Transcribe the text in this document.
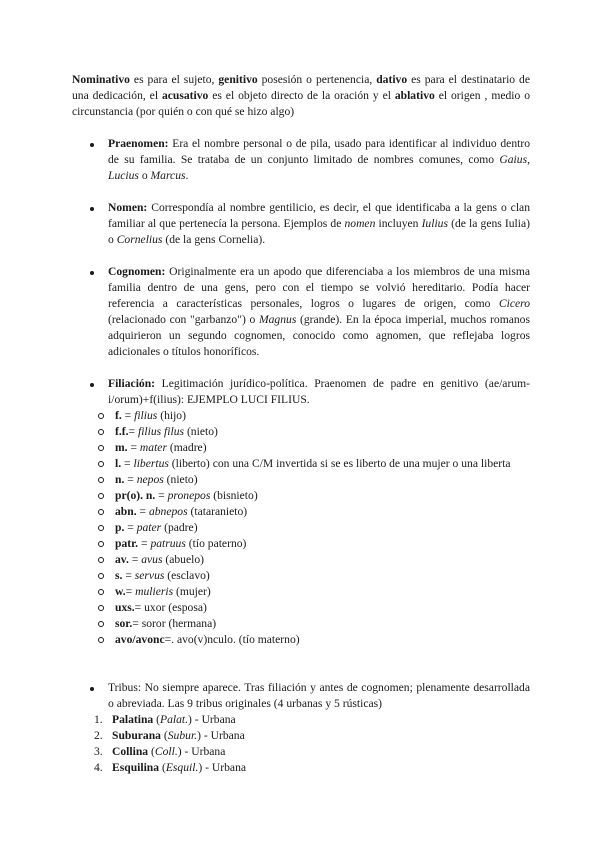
Nominativo es para el sujeto, genitivo posesión o pertenencia, dativo es para el destinatario de una dedicación, el acusativo es el objeto directo de la oración y el ablativo el origen , medio o circunstancia (por quién o con qué se hizo algo)

Praenomen: Era el nombre personal o de pila, usado para identificar al individuo dentro de su familia. Se trataba de un conjunto limitado de nombres comunes, como Gaius, Lucius o Marcus.
Nomen: Correspondía al nombre gentilicio, es decir, el que identificaba a la gens o clan familiar al que pertenecía la persona. Ejemplos de nomen incluyen Iulius (de la gens Iulia) o Cornelius (de la gens Cornelia).
Cognomen: Originalmente era un apodo que diferenciaba a los miembros de una misma familia dentro de una gens, pero con el tiempo se volvió hereditario. Podía hacer referencia a características personales, logros o lugares de origen, como Cicero (relacionado con "garbanzo") o Magnus (grande). En la época imperial, muchos romanos adquirieron un segundo cognomen, conocido como agnomen, que reflejaba logros adicionales o títulos honoríficos.
Filiación: Legitimación jurídico-política. Praenomen de padre en genitivo (ae/arum-i/orum)+f(ilius): EJEMPLO LUCI FILIUS.
f. = filius (hijo)
f.f.= filius filus (nieto)
m. = mater (madre)
l. = libertus (liberto) con una C/M invertida si se es liberto de una mujer o una liberta
n. = nepos (nieto)
pr(o). n. = pronepos (bisnieto)
abn. = abnepos (tataranieto)
p. = pater (padre)
patr. = patruus (tío paterno)
av. = avus (abuelo)
s. = servus (esclavo)
w.= mulieris (mujer)
uxs.= uxor (esposa)
sor.= soror (hermana)
avo/avonc=. avo(v)nculo. (tío materno)
Tribus: No siempre aparece. Tras filiación y antes de cognomen; plenamente desarrollada o abreviada. Las 9 tribus originales (4 urbanas y 5 rústicas)
1. Palatina (Palat.) - Urbana
2. Suburana (Subur.) - Urbana
3. Collina (Coll.) - Urbana
4. Esquilina (Esquil.) - Urbana
